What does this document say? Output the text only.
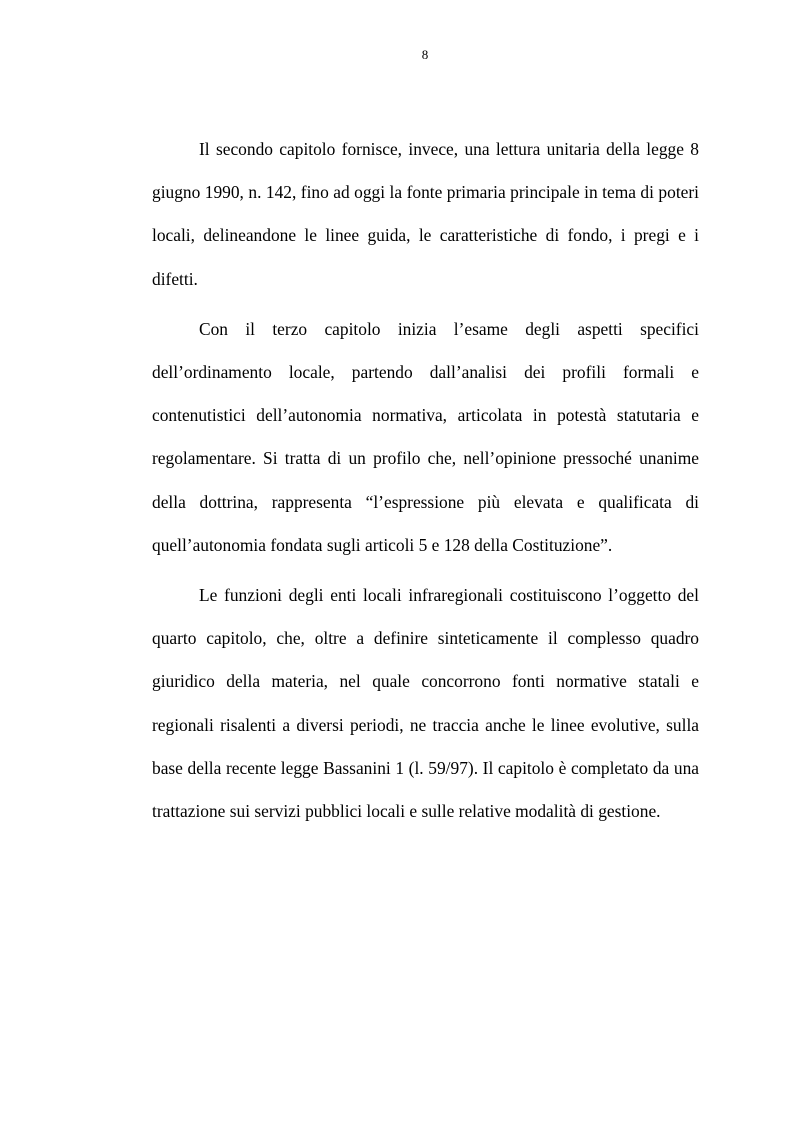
8

Il secondo capitolo fornisce, invece, una lettura unitaria della legge 8 giugno 1990, n. 142, fino ad oggi la fonte primaria principale in tema di poteri locali, delineandone le linee guida, le caratteristiche di fondo, i pregi e i difetti.

Con il terzo capitolo inizia l’esame degli aspetti specifici dell’ordinamento locale, partendo dall’analisi dei profili formali e contenutistici dell’autonomia normativa, articolata in potestà statutaria e regolamentare. Si tratta di un profilo che, nell’opinione pressoché unanime della dottrina, rappresenta “l’espressione più elevata e qualificata di quell’autonomia fondata sugli articoli 5 e 128 della Costituzione”.

Le funzioni degli enti locali infraregionali costituiscono l’oggetto del quarto capitolo, che, oltre a definire sinteticamente il complesso quadro giuridico della materia, nel quale concorrono fonti normative statali e regionali risalenti a diversi periodi, ne traccia anche le linee evolutive, sulla base della recente legge Bassanini 1 (l. 59/97). Il capitolo è completato da una trattazione sui servizi pubblici locali e sulle relative modalità di gestione.
